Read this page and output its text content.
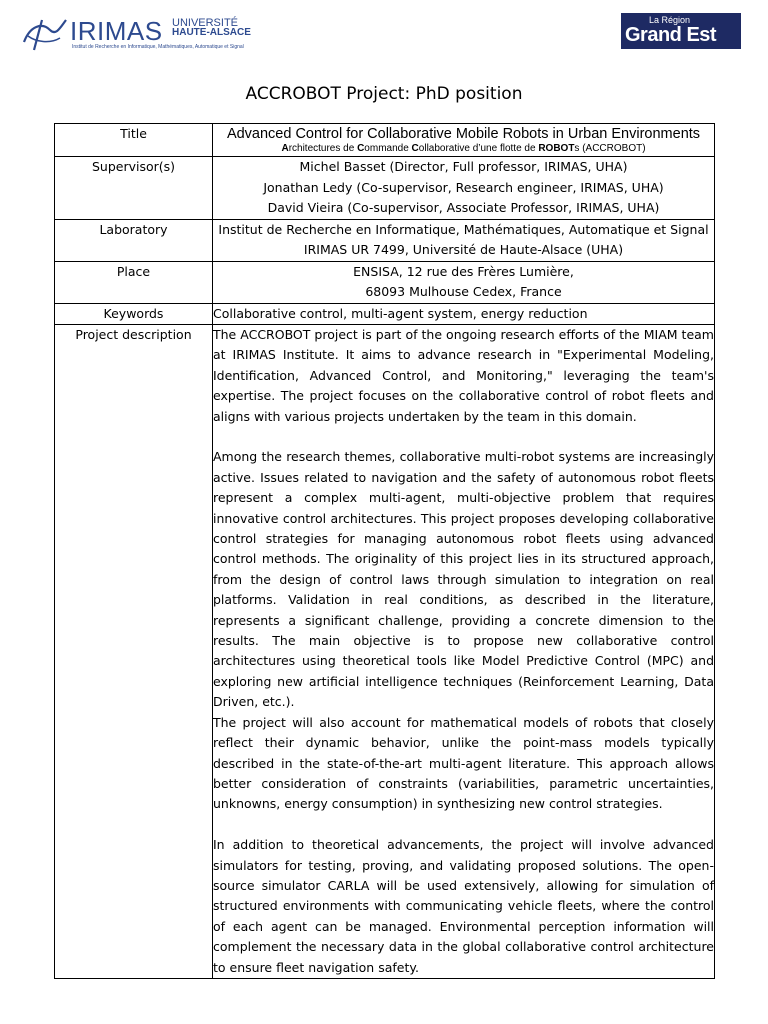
IRIMAS UNIVERSITÉ
HAUTE-ALSACE
Institut de Recherche en Informatique, Mathématiques, Automatique et Signal
La Région
Grand Est
ACCROBOT Project: PhD position
Title	Advanced Control for Collaborative Mobile Robots in Urban Environments
Architectures de Commande Collaborative d’une flotte de ROBOTs (ACCROBOT)

Supervisor(s)	Michel Basset (Director, Full professor, IRIMAS, UHA)
Jonathan Ledy (Co-supervisor, Research engineer, IRIMAS, UHA)
David Vieira (Co-supervisor, Associate Professor, IRIMAS, UHA)

Laboratory	Institut de Recherche en Informatique, Mathématiques, Automatique et Signal
IRIMAS UR 7499, Université de Haute-Alsace (UHA)

Place	ENSISA, 12 rue des Frères Lumière,
68093 Mulhouse Cedex, France

Keywords	Collaborative control, multi-agent system, energy reduction
Project description	The ACCROBOT project is part of the ongoing research efforts of the MIAM team at IRIMAS Institute. It aims to advance research in "Experimental Modeling, Identification, Advanced Control, and Monitoring," leveraging the team's expertise. The project focuses on the collaborative control of robot fleets and aligns with various projects undertaken by the team in this domain.

Among the research themes, collaborative multi-robot systems are increasingly active. Issues related to navigation and the safety of autonomous robot fleets represent a complex multi-agent, multi-objective problem that requires innovative control architectures. This project proposes developing collaborative control strategies for managing autonomous robot fleets using advanced control methods. The originality of this project lies in its structured approach, from the design of control laws through simulation to integration on real platforms. Validation in real conditions, as described in the literature, represents a significant challenge, providing a concrete dimension to the results. The main objective is to propose new collaborative control architectures using theoretical tools like Model Predictive Control (MPC) and exploring new artificial intelligence techniques (Reinforcement Learning, Data Driven, etc.).

The project will also account for mathematical models of robots that closely reflect their dynamic behavior, unlike the point-mass models typically described in the state-of-the-art multi-agent literature. This approach allows better consideration of constraints (variabilities, parametric uncertainties, unknowns, energy consumption) in synthesizing new control strategies.

In addition to theoretical advancements, the project will involve advanced simulators for testing, proving, and validating proposed solutions. The open-source simulator CARLA will be used extensively, allowing for simulation of structured environments with communicating vehicle fleets, where the control of each agent can be managed. Environmental perception information will complement the necessary data in the global collaborative control architecture to ensure fleet navigation safety.
